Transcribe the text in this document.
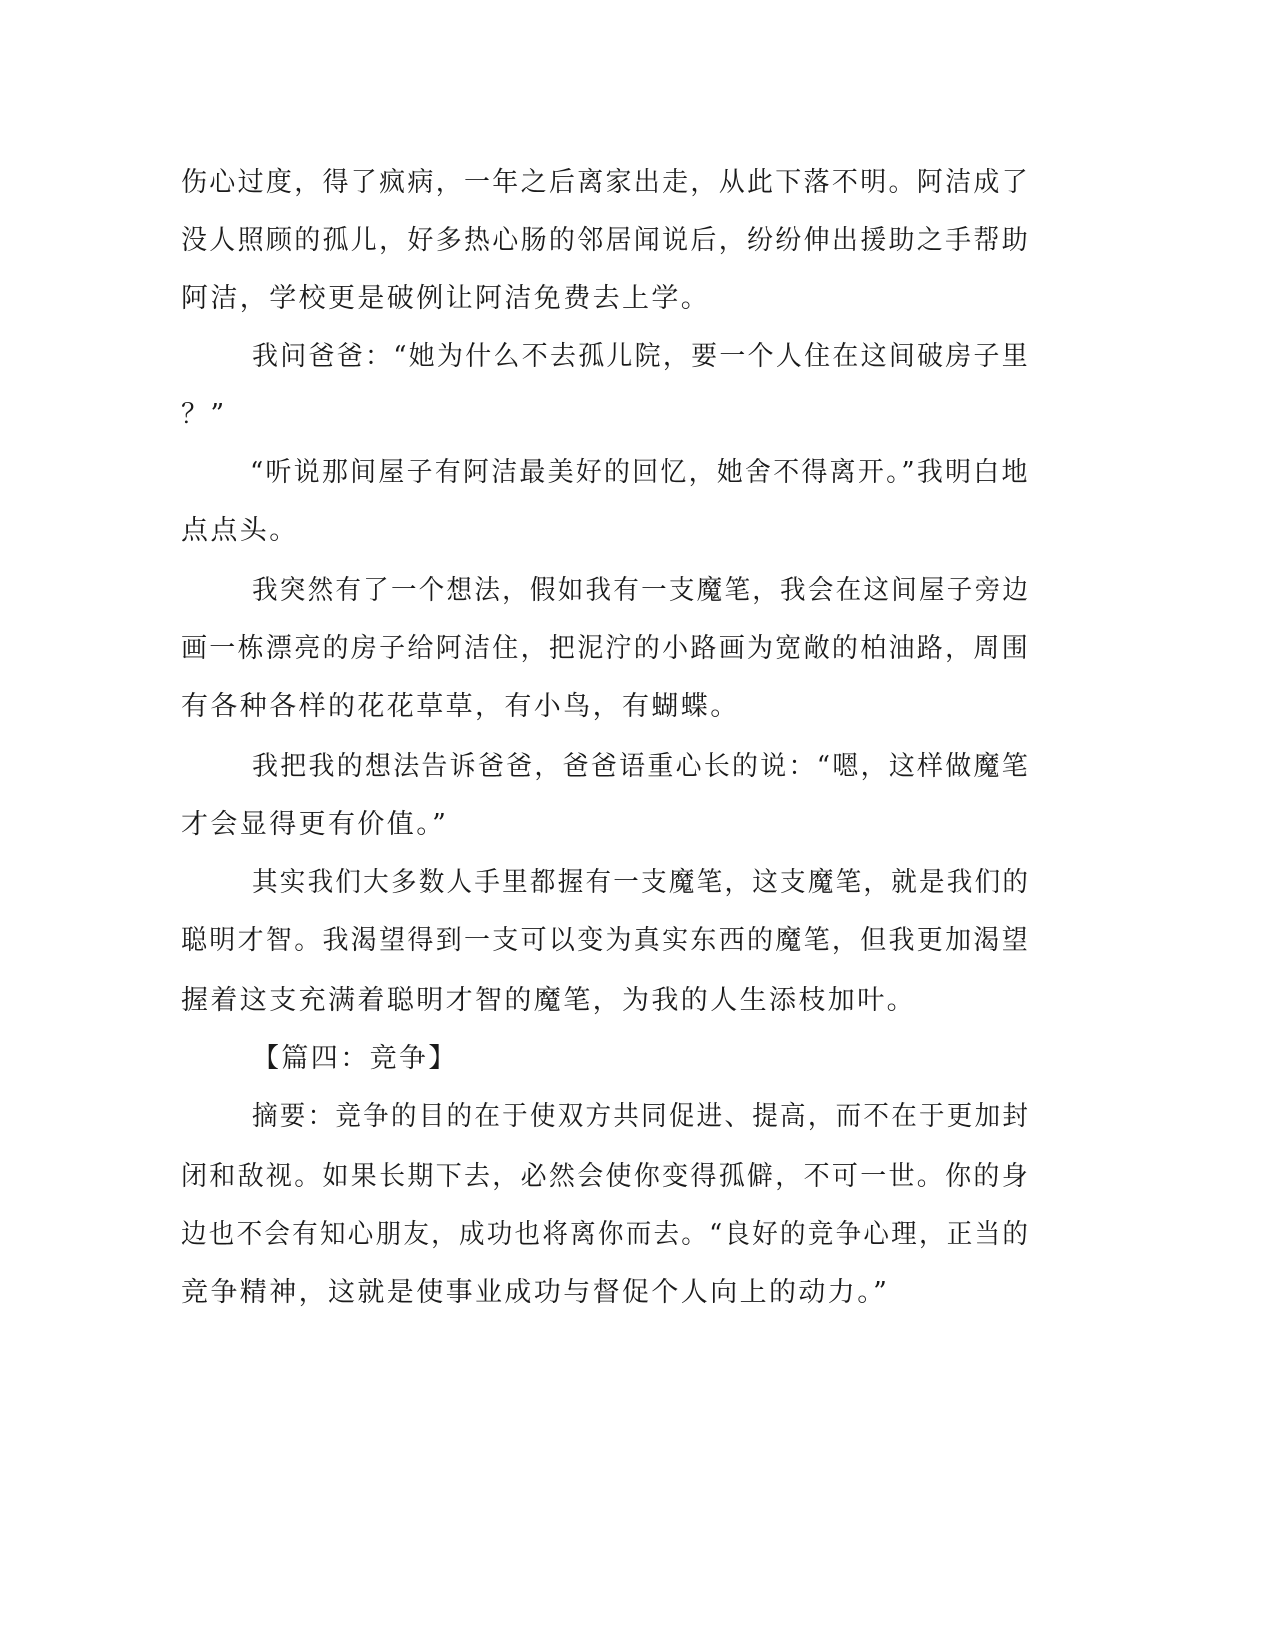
伤心过度，得了疯病，一年之后离家出走，从此下落不明。阿洁成了
没人照顾的孤儿，好多热心肠的邻居闻说后，纷纷伸出援助之手帮助
阿洁，学校更是破例让阿洁免费去上学。
我问爸爸：“她为什么不去孤儿院，要一个人住在这间破房子里
？”
“听说那间屋子有阿洁最美好的回忆，她舍不得离开。”我明白地
点点头。
我突然有了一个想法，假如我有一支魔笔，我会在这间屋子旁边
画一栋漂亮的房子给阿洁住，把泥泞的小路画为宽敞的柏油路，周围
有各种各样的花花草草，有小鸟，有蝴蝶。
我把我的想法告诉爸爸，爸爸语重心长的说：“嗯，这样做魔笔
才会显得更有价值。”
其实我们大多数人手里都握有一支魔笔，这支魔笔，就是我们的
聪明才智。我渴望得到一支可以变为真实东西的魔笔，但我更加渴望
握着这支充满着聪明才智的魔笔，为我的人生添枝加叶。
【篇四：竞争】
摘要：竞争的目的在于使双方共同促进、提高，而不在于更加封
闭和敌视。如果长期下去，必然会使你变得孤僻，不可一世。你的身
边也不会有知心朋友，成功也将离你而去。“良好的竞争心理，正当的
竞争精神，这就是使事业成功与督促个人向上的动力。”
